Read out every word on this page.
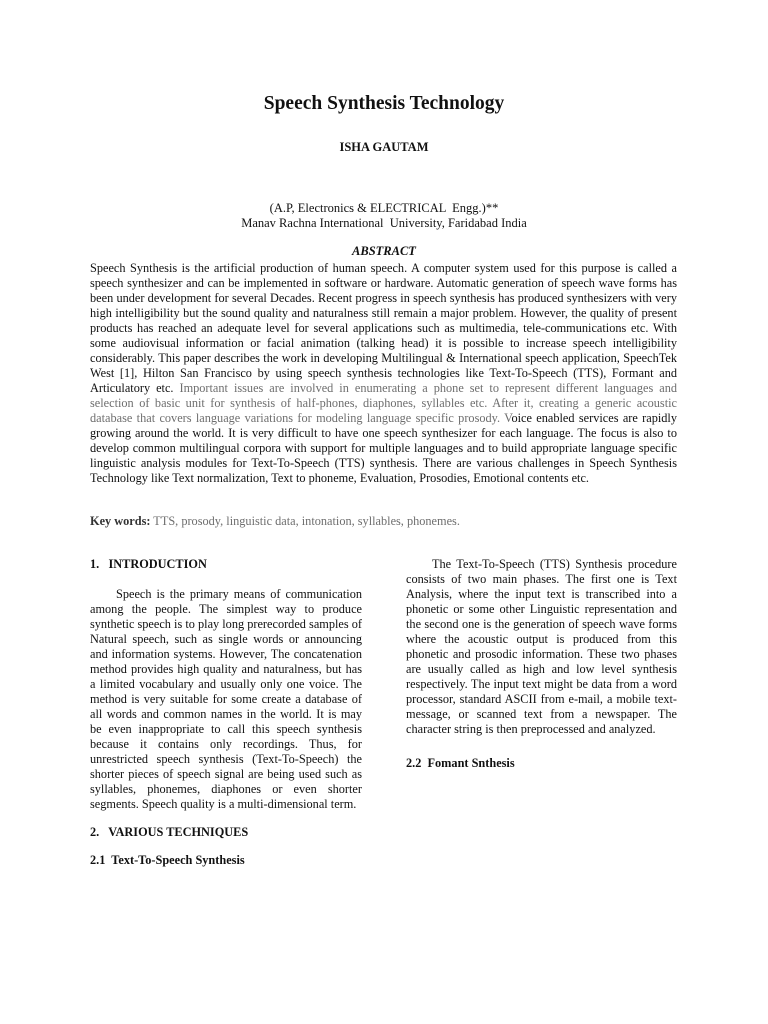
Speech Synthesis Technology
ISHA GAUTAM
(A.P, Electronics & ELECTRICAL  Engg.)**
Manav Rachna International  University, Faridabad India
ABSTRACT

Speech Synthesis is the artificial production of human speech. A computer system used for this purpose is called a speech synthesizer and can be implemented in software or hardware. Automatic generation of speech wave forms has been under development for several Decades. Recent progress in speech synthesis has produced synthesizers with very high intelligibility but the sound quality and naturalness still remain a major problem. However, the quality of present products has reached an adequate level for several applications such as multimedia, tele-communications etc. With some audiovisual information or facial animation (talking head) it is possible to increase speech intelligibility considerably. This paper describes the work in developing Multilingual & International speech application, SpeechTek West [1], Hilton San Francisco by using speech synthesis technologies like Text-To-Speech (TTS), Formant and Articulatory etc. Important issues are involved in enumerating a phone set to represent different languages and selection of basic unit for synthesis of half-phones, diaphones, syllables etc. After it, creating a generic acoustic database that covers language variations for modeling language specific prosody. Voice enabled services are rapidly growing around the world. It is very difficult to have one speech synthesizer for each language. The focus is also to develop common multilingual corpora with support for multiple languages and to build appropriate language specific linguistic analysis modules for Text-To-Speech (TTS) synthesis. There are various challenges in Speech Synthesis Technology like Text normalization, Text to phoneme, Evaluation, Prosodies, Emotional contents etc.

Key words: TTS, prosody, linguistic data, intonation, syllables, phonemes.
1.   INTRODUCTION

Speech is the primary means of communication among the people. The simplest way to produce synthetic speech is to play long prerecorded samples of Natural speech, such as single words or announcing and information systems. However, The concatenation method provides high quality and naturalness, but has a limited vocabulary and usually only one voice. The method is very suitable for some create a database of all words and common names in the world. It is may be even inappropriate to call this speech synthesis because it contains only recordings. Thus, for unrestricted speech synthesis (Text-To-Speech) the shorter pieces of speech signal are being used such as syllables, phonemes, diaphones or even shorter segments. Speech quality is a multi-dimensional term.

2.   VARIOUS TECHNIQUES
2.1  Text-To-Speech Synthesis

The Text-To-Speech (TTS) Synthesis procedure consists of two main phases. The first one is Text Analysis, where the input text is transcribed into a phonetic or some other Linguistic representation and the second one is the generation of speech wave forms where the acoustic output is produced from this phonetic and prosodic information. These two phases are usually called as high and low level synthesis respectively. The input text might be data from a word processor, standard ASCII from e-mail, a mobile text-message, or scanned text from a newspaper. The character string is then preprocessed and analyzed.

2.2  Fomant Snthesis
